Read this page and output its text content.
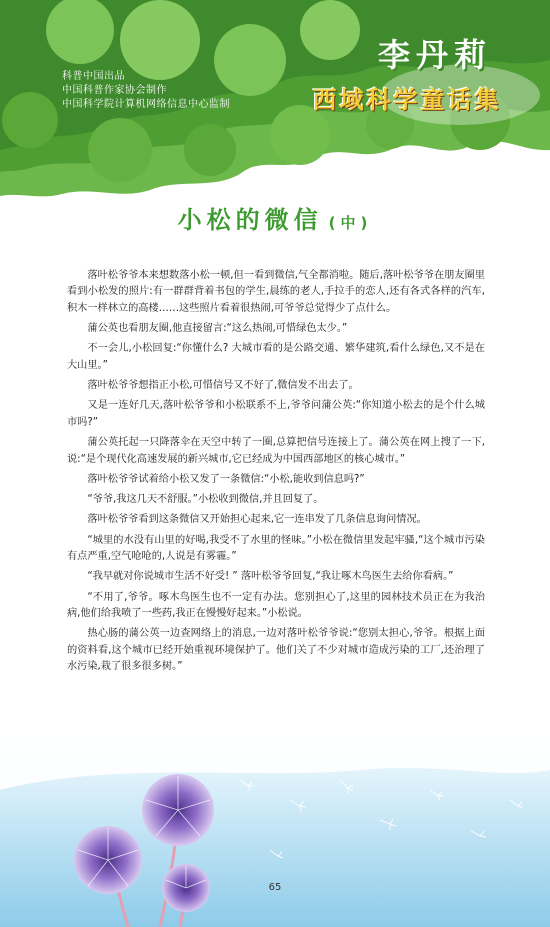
科普中国出品
中国科普作家协会制作
中国科学院计算机网络信息中心监制
李丹莉
西域科学童话集
小松的微信 (中)

落叶松爷爷本来想数落小松一顿,但一看到微信,气全都消啦。随后,落叶松爷爷在朋友圈里看到小松发的照片:有一群群背着书包的学生,晨练的老人,手拉手的恋人,还有各式各样的汽车,积木一样林立的高楼……这些照片看着很热闹,可爷爷总觉得少了点什么。

蒲公英也看朋友圈,他直接留言:“这么热闹,可惜绿色太少。”

不一会儿,小松回复:“你懂什么? 大城市看的是公路交通、繁华建筑,看什么绿色,又不是在大山里。”

落叶松爷爷想指正小松,可惜信号又不好了,微信发不出去了。

又是一连好几天,落叶松爷爷和小松联系不上,爷爷问蒲公英:“你知道小松去的是个什么城市吗?”

蒲公英托起一只降落伞在天空中转了一圈,总算把信号连接上了。蒲公英在网上搜了一下,说:“是个现代化高速发展的新兴城市,它已经成为中国西部地区的核心城市。”

落叶松爷爷试着给小松又发了一条微信:“小松,能收到信息吗?”

“爷爷,我这几天不舒服。”小松收到微信,并且回复了。

落叶松爷爷看到这条微信又开始担心起来,它一连串发了几条信息询问情况。

“城里的水没有山里的好喝,我受不了水里的怪味。”小松在微信里发起牢骚,“这个城市污染有点严重,空气呛呛的,人说是有雾霾。”

“我早就对你说城市生活不好受! ” 落叶松爷爷回复,“我让啄木鸟医生去给你看病。”

“不用了,爷爷。啄木鸟医生也不一定有办法。您别担心了,这里的园林技术员正在为我治病,他们给我喷了一些药,我正在慢慢好起来。”小松说。

热心肠的蒲公英一边查网络上的消息,一边对落叶松爷爷说:“您别太担心,爷爷。根据上面的资料看,这个城市已经开始重视环境保护了。他们关了不少对城市造成污染的工厂,还治理了水污染,栽了很多很多树。”

65
